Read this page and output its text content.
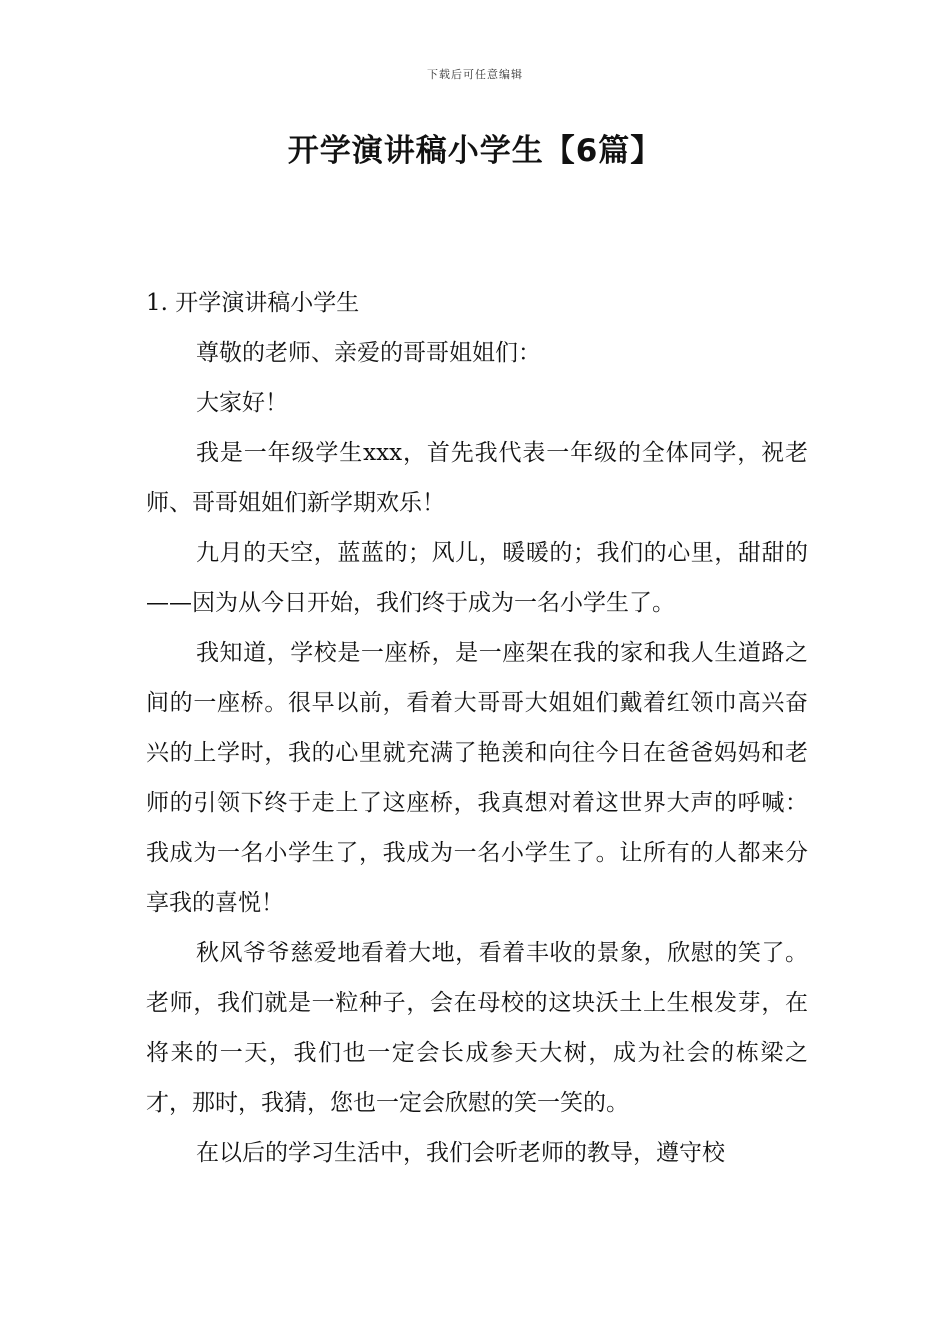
下载后可任意编辑
开学演讲稿小学生【6篇】
1. 开学演讲稿小学生

尊敬的老师、亲爱的哥哥姐姐们：

大家好！

我是一年级学生xxx，首先我代表一年级的全体同学，祝老师、哥哥姐姐们新学期欢乐！

九月的天空，蓝蓝的；风儿，暖暖的；我们的心里，甜甜的——因为从今日开始，我们终于成为一名小学生了。

我知道，学校是一座桥，是一座架在我的家和我人生道路之间的一座桥。很早以前，看着大哥哥大姐姐们戴着红领巾高兴奋兴的上学时，我的心里就充满了艳羡和向往今日在爸爸妈妈和老师的引领下终于走上了这座桥，我真想对着这世界大声的呼喊：我成为一名小学生了，我成为一名小学生了。让所有的人都来分享我的喜悦！

秋风爷爷慈爱地看着大地，看着丰收的景象，欣慰的笑了。老师，我们就是一粒种子，会在母校的这块沃土上生根发芽，在将来的一天，我们也一定会长成参天大树，成为社会的栋梁之才，那时，我猜，您也一定会欣慰的笑一笑的。

在以后的学习生活中，我们会听老师的教导，遵守校
